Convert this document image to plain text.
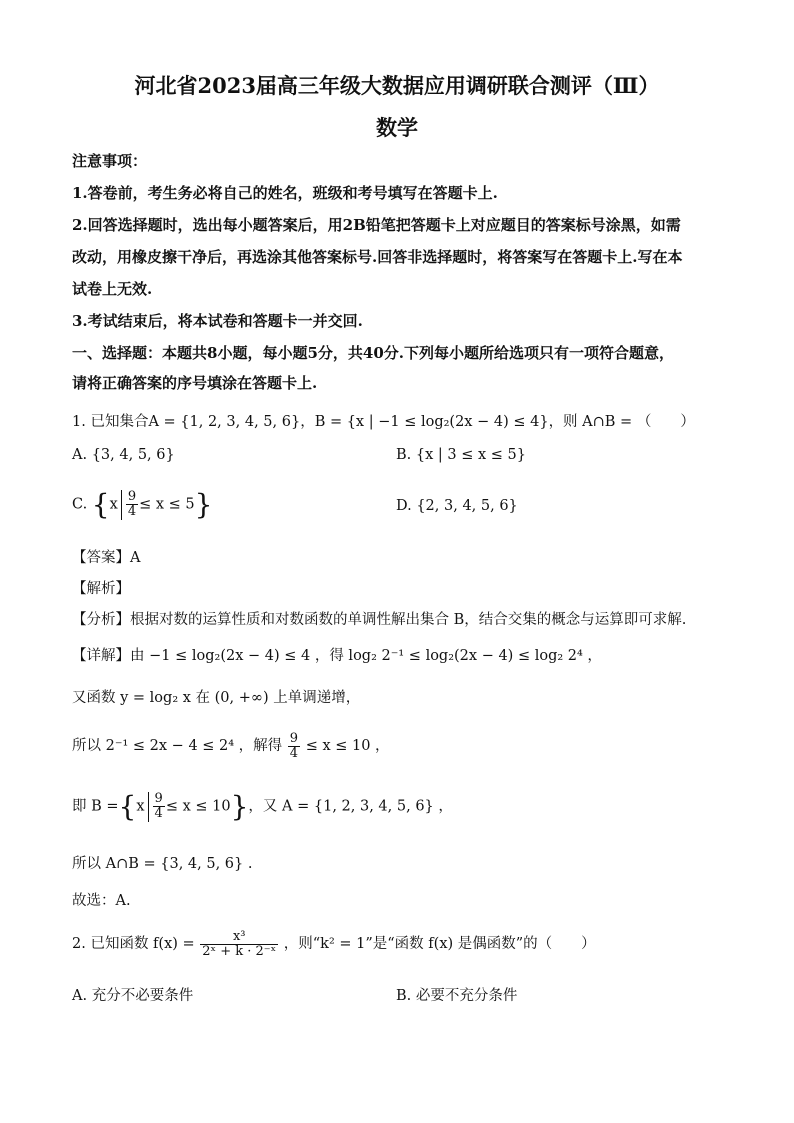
河北省2023届高三年级大数据应用调研联合测评（Ⅲ）
数学
注意事项：
1.答卷前，考生务必将自己的姓名，班级和考号填写在答题卡上.
2.回答选择题时，选出每小题答案后，用2B铅笔把答题卡上对应题目的答案标号涂黑，如需
改动，用橡皮擦干净后，再选涂其他答案标号.回答非选择题时，将答案写在答题卡上.写在本
试卷上无效.
3.考试结束后，将本试卷和答题卡一并交回.
一、选择题：本题共8小题，每小题5分，共40分.下列每小题所给选项只有一项符合题意，
请将正确答案的序号填涂在答题卡上.
1. 已知集合A = {1, 2, 3, 4, 5, 6}，B = {x | −1 ≤ log₂(2x − 4) ≤ 4}，则 A∩B = （　　）
A. {3, 4, 5, 6}	B. {x | 3 ≤ x ≤ 5}
C. $\{x \frac{9}{4} \le x \le 5\}$	D. {2, 3, 4, 5, 6}
【答案】A
【解析】
【分析】根据对数的运算性质和对数函数的单调性解出集合 B，结合交集的概念与运算即可求解.
【详解】由 −1 ≤ log₂(2x − 4) ≤ 4 ，得 log₂ 2⁻¹ ≤ log₂(2x − 4) ≤ log₂ 2⁴ ，
又函数 y = log₂ x 在 (0, +∞) 上单调递增，
所以 2⁻¹ ≤ 2x − 4 ≤ 2⁴ ，解得 $\frac{9}{4} \le x \le 10$ ，
即 $B =\{x \frac{9}{4} \le x \le 10\}$，又 A = {1, 2, 3, 4, 5, 6} ，
所以 A∩B = {3, 4, 5, 6} .
故选：A.
2. 已知函数 $f(x) = \frac{\text{x³}}{\text{2ˣ + k · 2⁻ˣ}}$ ，则“k² = 1”是“函数 f(x) 是偶函数”的（　　）
A. 充分不必要条件	B. 必要不充分条件
